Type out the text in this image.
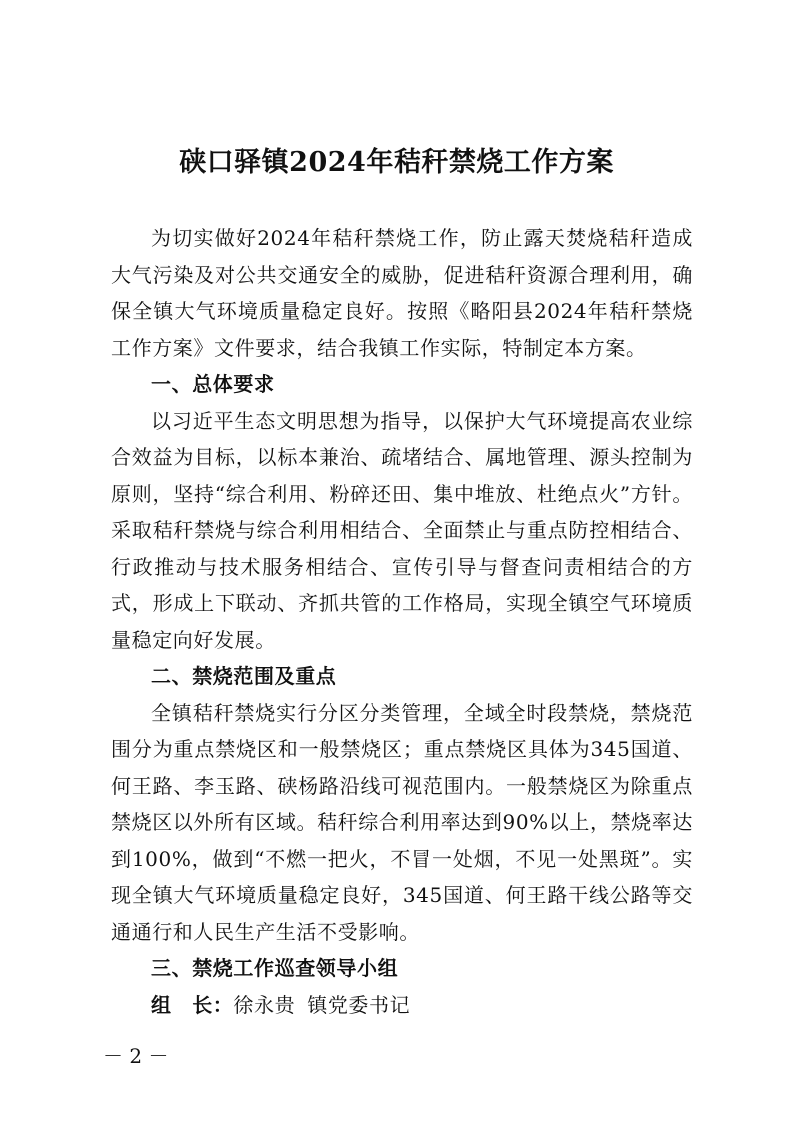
硖口驿镇2024年秸秆禁烧工作方案

为切实做好2024年秸秆禁烧工作，防止露天焚烧秸秆造成大气污染及对公共交通安全的威胁，促进秸秆资源合理利用，确保全镇大气环境质量稳定良好。按照《略阳县2024年秸秆禁烧工作方案》文件要求，结合我镇工作实际，特制定本方案。

一、总体要求

以习近平生态文明思想为指导，以保护大气环境提高农业综合效益为目标，以标本兼治、疏堵结合、属地管理、源头控制为原则，坚持“综合利用、粉碎还田、集中堆放、杜绝点火”方针。采取秸秆禁烧与综合利用相结合、全面禁止与重点防控相结合、行政推动与技术服务相结合、宣传引导与督查问责相结合的方式，形成上下联动、齐抓共管的工作格局，实现全镇空气环境质量稳定向好发展。

二、禁烧范围及重点

全镇秸秆禁烧实行分区分类管理，全域全时段禁烧，禁烧范围分为重点禁烧区和一般禁烧区；重点禁烧区具体为345国道、何王路、李玉路、硖杨路沿线可视范围内。一般禁烧区为除重点禁烧区以外所有区域。秸秆综合利用率达到90%以上，禁烧率达到100%，做到“不燃一把火，不冒一处烟，不见一处黑斑”。实现全镇大气环境质量稳定良好，345国道、何王路干线公路等交通通行和人民生产生活不受影响。

三、禁烧工作巡查领导小组

组　长：徐永贵 镇党委书记

－ 2 －
